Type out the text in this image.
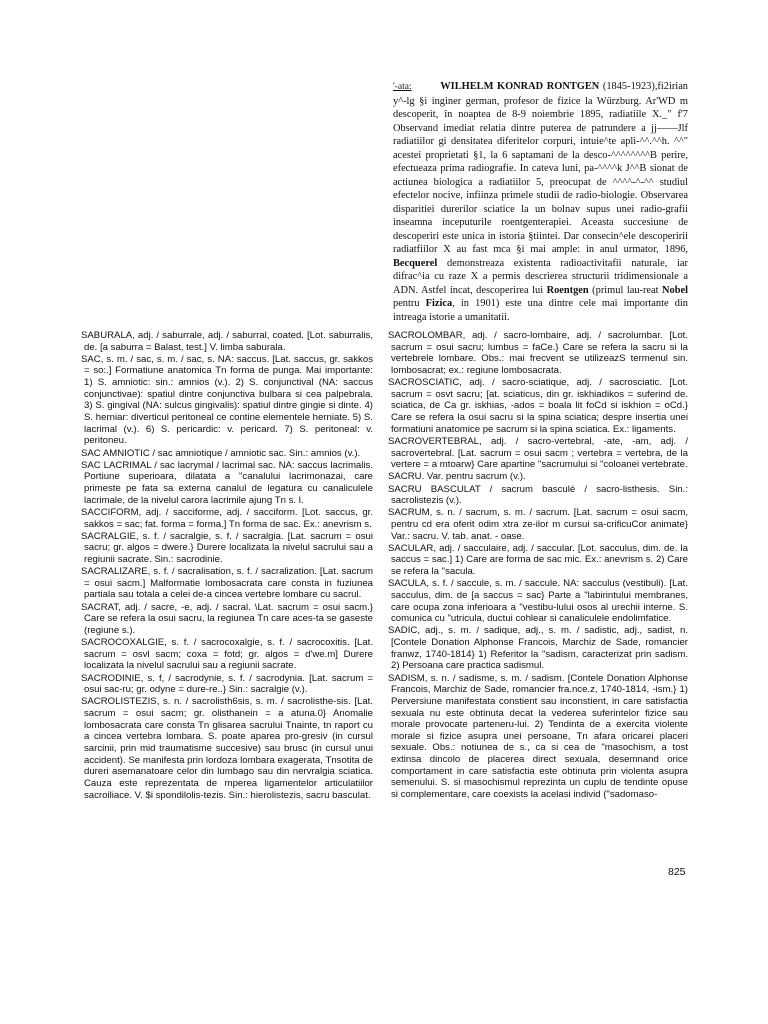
'-ata:	WILHELM KONRAD RONTGEN (1845-1923),fi2irian y^-lg §i inginer german, profesor de fizice la Würzburg. Ar'WD m descoperit, în noaptea de 8-9 noiembrie 1895, radiatiile X._" f'7 Observand imediat relatia dintre puterea de patrundere a jj——Jlf radiatiilor gi densitatea diferitelor corpuri, intuie^te apli-^^.^^h. ^^" acestei proprietati §1, la 6 saptamani de la desco-^^^^^^^^B perire, efectueaza prima radiografie. In cateva luni, pa-^^^^k J^^B sionat de actiunea biologica a radiatiilor 5, preocupat de ^^^^-^-^^ studiul efectelor nocive, infiinza primele studii de radio-biologie. Observarea disparitiei durerilor sciatice la un bolnav supus unei radio-grafii inseamna inceputurile roentgenterapiei. Aceasta succesiune de descoperiri este unica in istoria §tiintei. Dar consecin^ele descoperirii radiatfiilor X au fast mca §i mai ample: in anul urmator, 1896, Becquerel demonstreaza existenta radioactivitafii naturale, iar difrac^ia cu raze X a permis descrierea structurii tridimensionale a ADN. Astfel incat, descoperirea lui Roentgen (primul lau-reat Nobel pentru Fizica, in 1901) este una dintre cele mai importante din intreaga istorie a umanitatii.

SABURALA, adj. / saburrale, adj. / saburral, coated. [Lot. saburralis, de. [a saburra = Balast, test.] V. limba saburala.

SAC, s. m. / sac, s. m. / sac, s. NA: saccus. [Lat. saccus, gr. sakkos = so:.] Formatiune anatomica Tn forma de punga. Mai importante: 1) S. amniotic: sin.: amnios (v.). 2) S. conjunctival (NA: saccus conjunctivae): spatiul dintre conjunctiva bulbara si cea palpebrala. 3) S. gingival (NA: sulcus gingivalis): spatiul dintre gingie si dinte. 4) S. herniar: diverticul peritoneal ce contine elementele herniate. 5) S. lacrimal (v.). 6) S. pericardic: v. pericard. 7) S. peritoneal: v. peritoneu.

SAC AMNIOTIC / sac amniotique / amniotic sac. Sin.: amnios (v.).

SAC LACRIMAL / sac lacrymal / lacrimal sac. NA: saccus lacrimalis. Portiune superioara, dilatata a "canalului lacrimonazai, care primeste pe fata sa externa canalul de legatura cu canaliculele lacrimale, de la nivelul carora lacrimile ajung Tn s. l.

SACCIFORM, adj. / sacciforme, adj. / sacciform. [Lot. saccus, gr. sakkos = sac; fat. forma = forma.] Tn forma de sac. Ex.: anevrism s.

SACRALGIE, s. f. / sacralgie, s. f. / sacralgia. [Lat. sacrum = osui sacru; gr. algos = dwere.} Durere localizata la nivelul sacrului sau a regiunii sacrate. Sin.: sacrodinie.

SACRALIZARE, s. f. / sacralisation, s. f. / sacralization. [Lat. sacrum = osui sacm.] Malformatie lombosacrata care consta in fuziunea partiala sau totala a celei de-a cincea vertebre lombare cu sacrul.

SACRAT, adj. / sacre, -e, adj. / sacral. \Lat. sacrum = osui sacm.} Care se refera la osui sacru, la regiunea Tn care aces-ta se gaseste (regiune s.).

SACROCOXALGIE, s. f. / sacrocoxalgie, s. f. / sacrocoxitis. [Lat. sacrum = osvl sacm; coxa = fotd; gr. algos = d'we.m] Durere localizata la nivelul sacrului sau a regiunii sacrate.

SACRODINIE, s. f, / sacrodynie, s. f. / sacrodynia. [Lat. sacrum = osui sac-ru; gr. odyne = dure-re..} Sin.: sacralgie (v.).

SACROLISTEZIS, s. n. / sacrolisth6sis, s. m. / sacrolisthe-sis. [Lat. sacrum = osui sacm; gr. olisthanein = a atuna.0} Anomalie lombosacrata care consta Tn glisarea sacrului Tnainte, tn raport cu a cincea vertebra lombara. S. poate aparea pro-gresiv (in cursul sarcinii, prin mid traumatisme succesive) sau brusc (in cursul unui accident). Se manifesta prin lordoza lombara exagerata, Tnsotita de dureri asemanatoare celor din lumbago sau din nervralgia sciatica. Cauza este reprezentata de mperea ligamentelor articulatiilor sacroiliace. V. $i spondilolis-tezis. Sin.: hierolistezis, sacru basculat.

SACROLOMBAR, adj. / sacro-lombaire, adj. / sacrolumbar. [Lot. sacrum = osui sacru; lumbus = faCe.} Care se refera la sacru si la vertebrele lombare. Obs.: mai frecvent se utilizeazS termenul sin. lombosacrat; ex.: regiune lombosacrata.

SACROSCIATIC, adj. / sacro-sciatique, adj. / sacrosciatic. [Lot. sacrum = osvt sacru; [at. sciaticus, din gr. iskhiadikos = suferind de. sciatica, de Ca gr. iskhias, -ados = boala lit foCd si iskhion = oCd.} Care se refera la osui sacru si la spina sciatica; despre insertia unei formatiuni anatomice pe sacrum si la spina sciatica. Ex.: ligaments.

SACROVERTEBRAL, adj. / sacro-vertebral, -ate, -am, adj. / sacrovertebral. [Lat. sacrum = osui sacm ; vertebra = vertebra, de la vertere = a mtoarw} Care apartine "sacrumului si "coloanei vertebrate.

SACRU. Var. pentru sacrum (v.).

SACRU BASCULAT / sacrum basculé / sacro-listhesis. Sin.: sacrolistezis (v.).

SACRUM, s. n. / sacrum, s. m. / sacrum. [Lat. sacrum = osui sacm, pentru cd era oferit odim xtra ze-ilor m cursui sa-crificuCor animate} Var.: sacru. V. tab. anat. - oase.

SACULAR, adj. / sacculaire, adj. / saccular. [Lot. sacculus, dim. de. la saccus = sac.] 1) Care are forma de sac mic. Ex.: anevrism s. 2) Care se refera la "sacula.

SACULA, s. f. / saccule, s. m. / saccule. NA: sacculus (vestibuli). [Lat. sacculus, dim. de [a saccus = sac} Parte a "labirintului membranes, care ocupa zona inferioara a "vestibu-lului osos al urechii interne. S. comunica cu "utricula, ductui cohlear si canaliculele endolimfatice.

SADIC, adj., s. m. / sadique, adj., s. m. / sadistic, adj., sadist, n. [Contele Donation Alphonse Francois, Marchiz de Sade, romancier franwz, 1740-1814} 1) Referitor la "sadism, caracterizat prin sadism. 2) Persoana care practica sadismul.

SADISM, s. n. / sadisme, s. m. / sadism. [Contele Donation Alphonse Francois, Marchiz de Sade, romancier fra.nce.z, 1740-1814, -ism.} 1) Perversiune manifestata constient sau inconstient, in care satisfactia sexuala nu este obtinuta decat la vederea suferintelor fizice sau morale provocate parteneru-lui. 2) Tendinta de a exercita violente morale si fizice asupra unei persoane, Tn afara oricarei placeri sexuale. Obs.: notiunea de s., ca si cea de "masochism, a tost extinsa dincolo de placerea direct sexuala, desemnand orice comportament in care satisfactia este obtinuta prin violenta asupra semenului. S. si masochismul reprezinta un cuplu de tendinte opuse si complementare, care coexists la acelasi individ ("sadomaso-

825
